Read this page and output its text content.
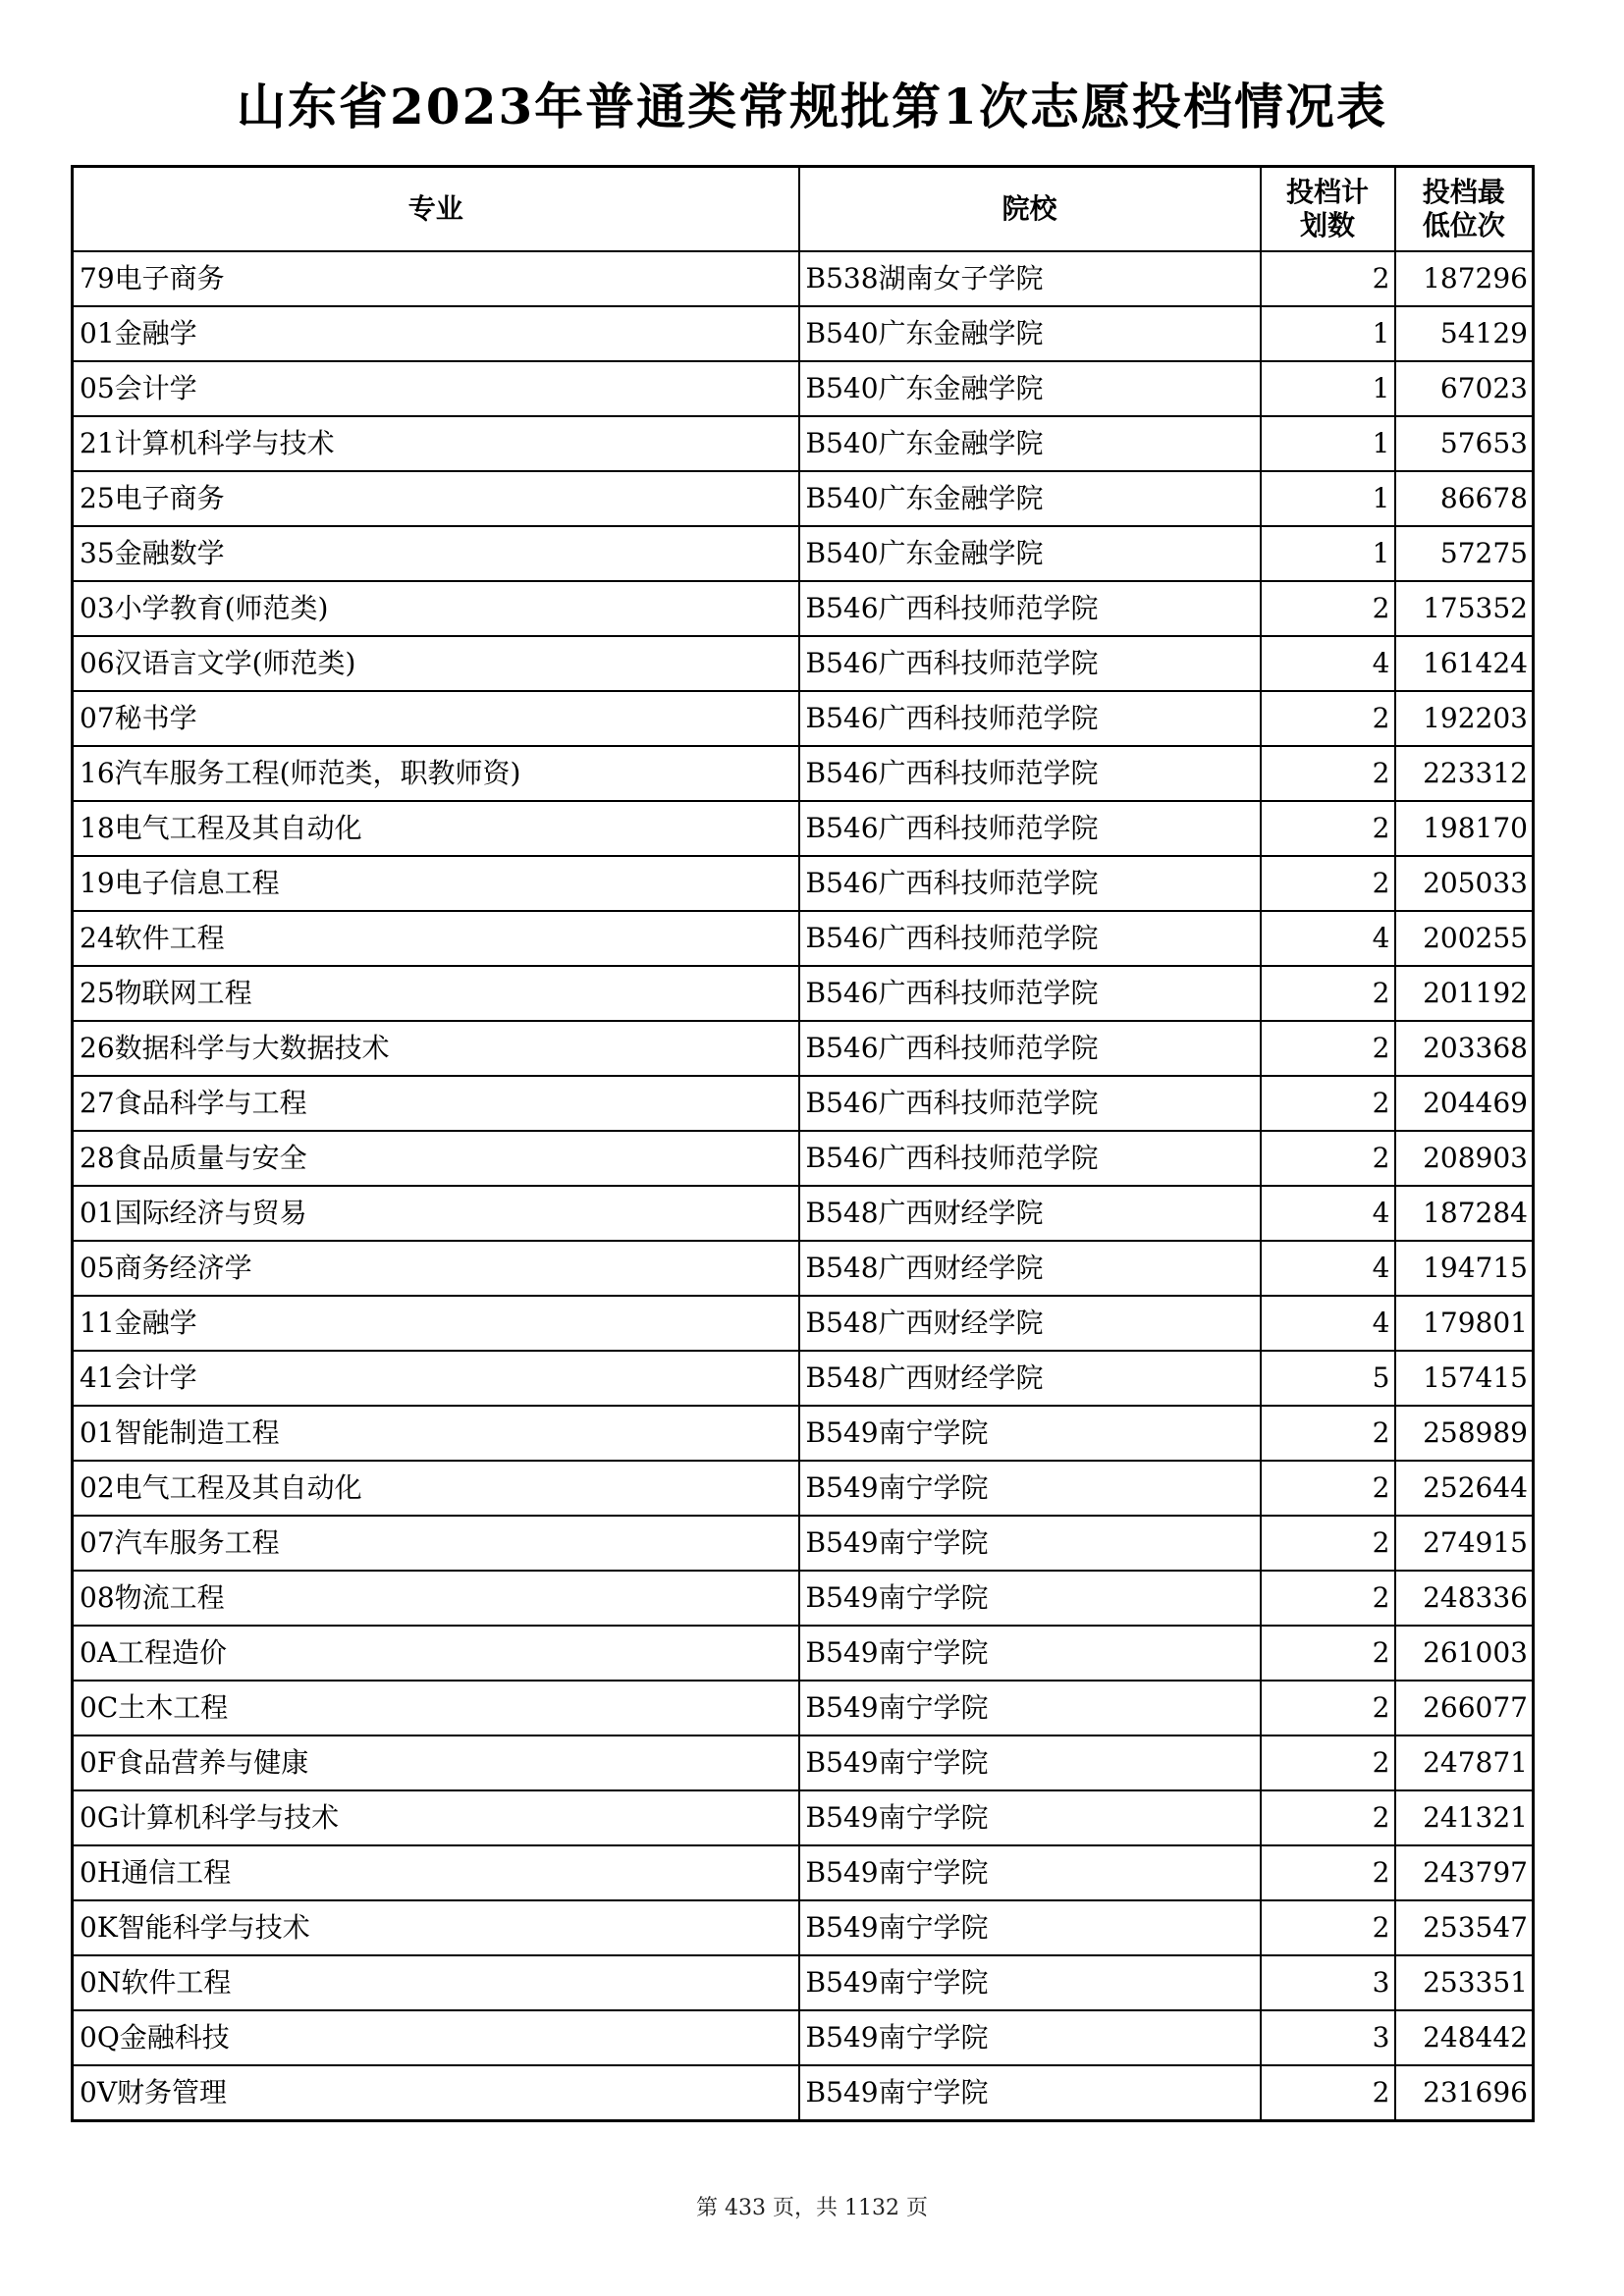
山东省2023年普通类常规批第1次志愿投档情况表
专业	院校	投档计划数	投档最低位次
79电子商务	B538湖南女子学院	2	187296
01金融学	B540广东金融学院	1	54129
05会计学	B540广东金融学院	1	67023
21计算机科学与技术	B540广东金融学院	1	57653
25电子商务	B540广东金融学院	1	86678
35金融数学	B540广东金融学院	1	57275
03小学教育(师范类)	B546广西科技师范学院	2	175352
06汉语言文学(师范类)	B546广西科技师范学院	4	161424
07秘书学	B546广西科技师范学院	2	192203
16汽车服务工程(师范类，职教师资)	B546广西科技师范学院	2	223312
18电气工程及其自动化	B546广西科技师范学院	2	198170
19电子信息工程	B546广西科技师范学院	2	205033
24软件工程	B546广西科技师范学院	4	200255
25物联网工程	B546广西科技师范学院	2	201192
26数据科学与大数据技术	B546广西科技师范学院	2	203368
27食品科学与工程	B546广西科技师范学院	2	204469
28食品质量与安全	B546广西科技师范学院	2	208903
01国际经济与贸易	B548广西财经学院	4	187284
05商务经济学	B548广西财经学院	4	194715
11金融学	B548广西财经学院	4	179801
41会计学	B548广西财经学院	5	157415
01智能制造工程	B549南宁学院	2	258989
02电气工程及其自动化	B549南宁学院	2	252644
07汽车服务工程	B549南宁学院	2	274915
08物流工程	B549南宁学院	2	248336
0A工程造价	B549南宁学院	2	261003
0C土木工程	B549南宁学院	2	266077
0F食品营养与健康	B549南宁学院	2	247871
0G计算机科学与技术	B549南宁学院	2	241321
0H通信工程	B549南宁学院	2	243797
0K智能科学与技术	B549南宁学院	2	253547
0N软件工程	B549南宁学院	3	253351
0Q金融科技	B549南宁学院	3	248442
0V财务管理	B549南宁学院	2	231696
第 433 页，共 1132 页
